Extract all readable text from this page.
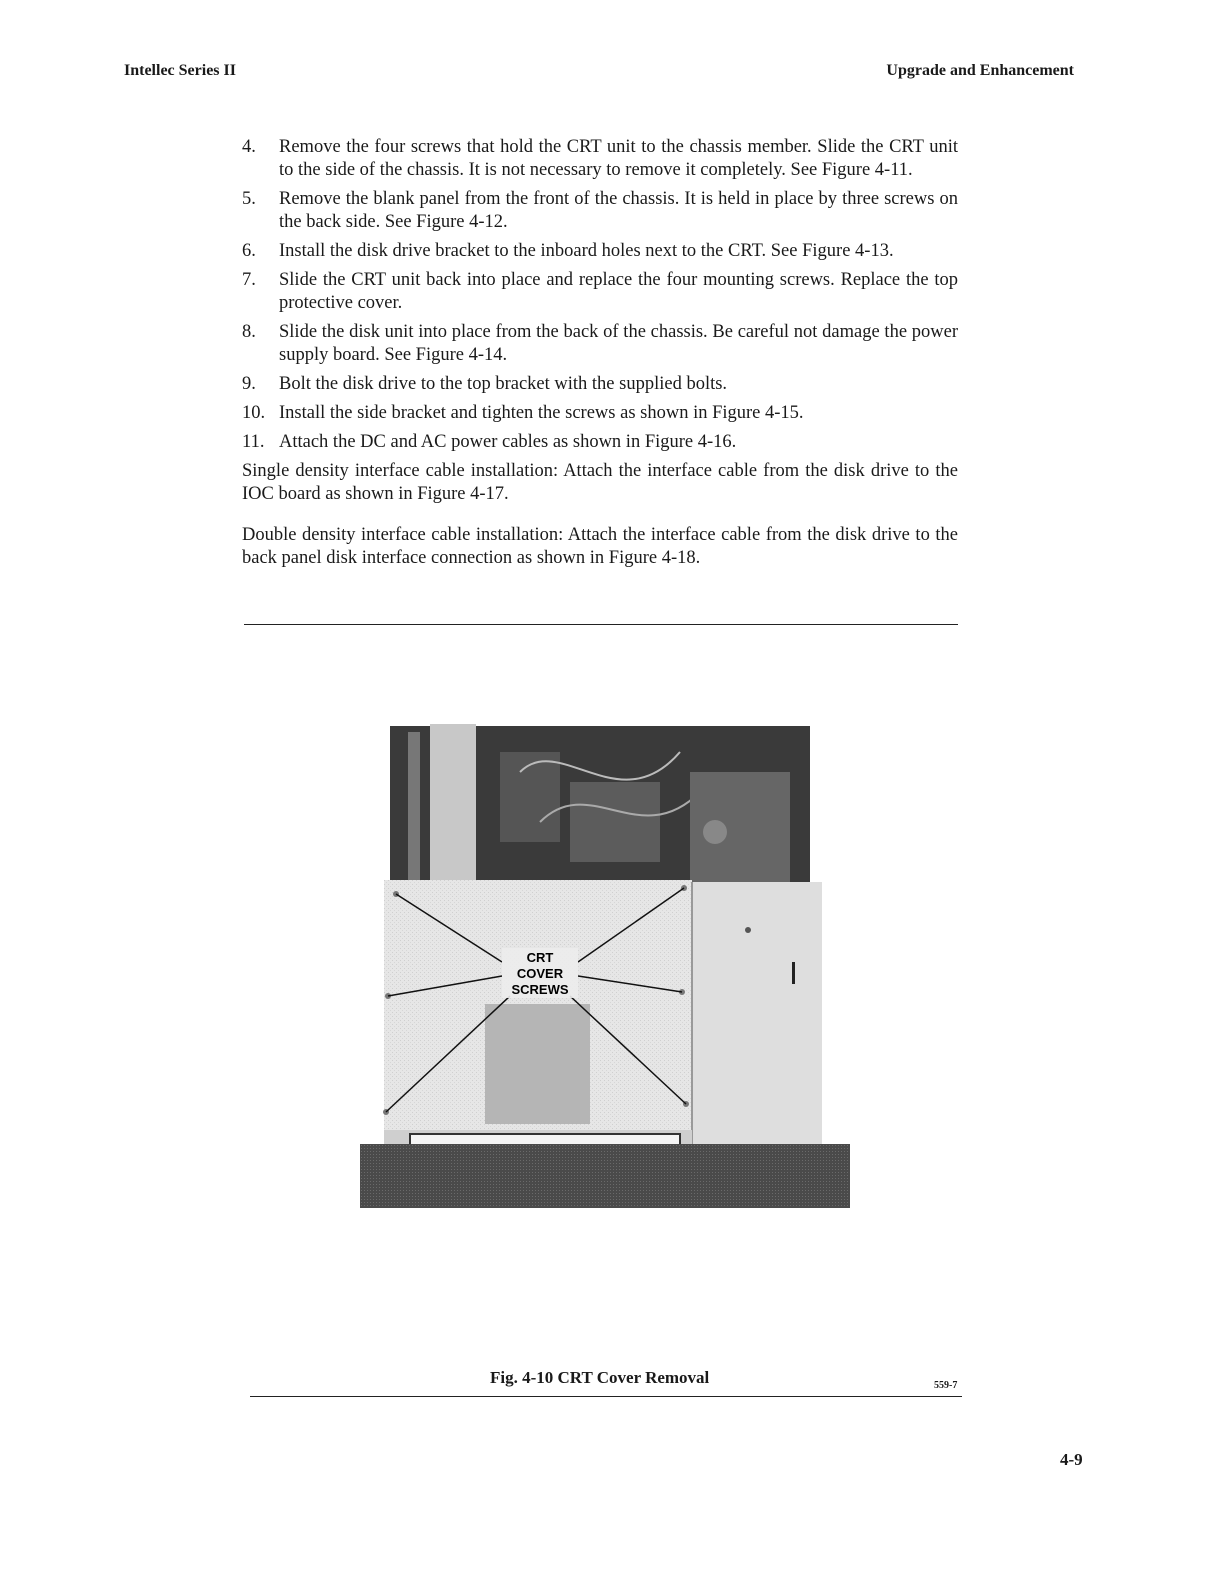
Intellec Series II	Upgrade and Enhancement
4.	Remove the four screws that hold the CRT unit to the chassis member. Slide the CRT unit to the side of the chassis. It is not necessary to remove it completely. See Figure 4-11.
5.	Remove the blank panel from the front of the chassis. It is held in place by three screws on the back side. See Figure 4-12.
6.	Install the disk drive bracket to the inboard holes next to the CRT. See Figure 4-13.
7.	Slide the CRT unit back into place and replace the four mounting screws. Replace the top protective cover.
8.	Slide the disk unit into place from the back of the chassis. Be careful not damage the power supply board. See Figure 4-14.
9.	Bolt the disk drive to the top bracket with the supplied bolts.
10. Install the side bracket and tighten the screws as shown in Figure 4-15.
11. Attach the DC and AC power cables as shown in Figure 4-16.

Single density interface cable installation: Attach the interface cable from the disk drive to the IOC board as shown in Figure 4-17.

Double density interface cable installation: Attach the interface cable from the disk drive to the back panel disk interface connection as shown in Figure 4-18.

CRT
COVER
SCREWS
Fig. 4-10 CRT Cover Removal	559-7
4-9
